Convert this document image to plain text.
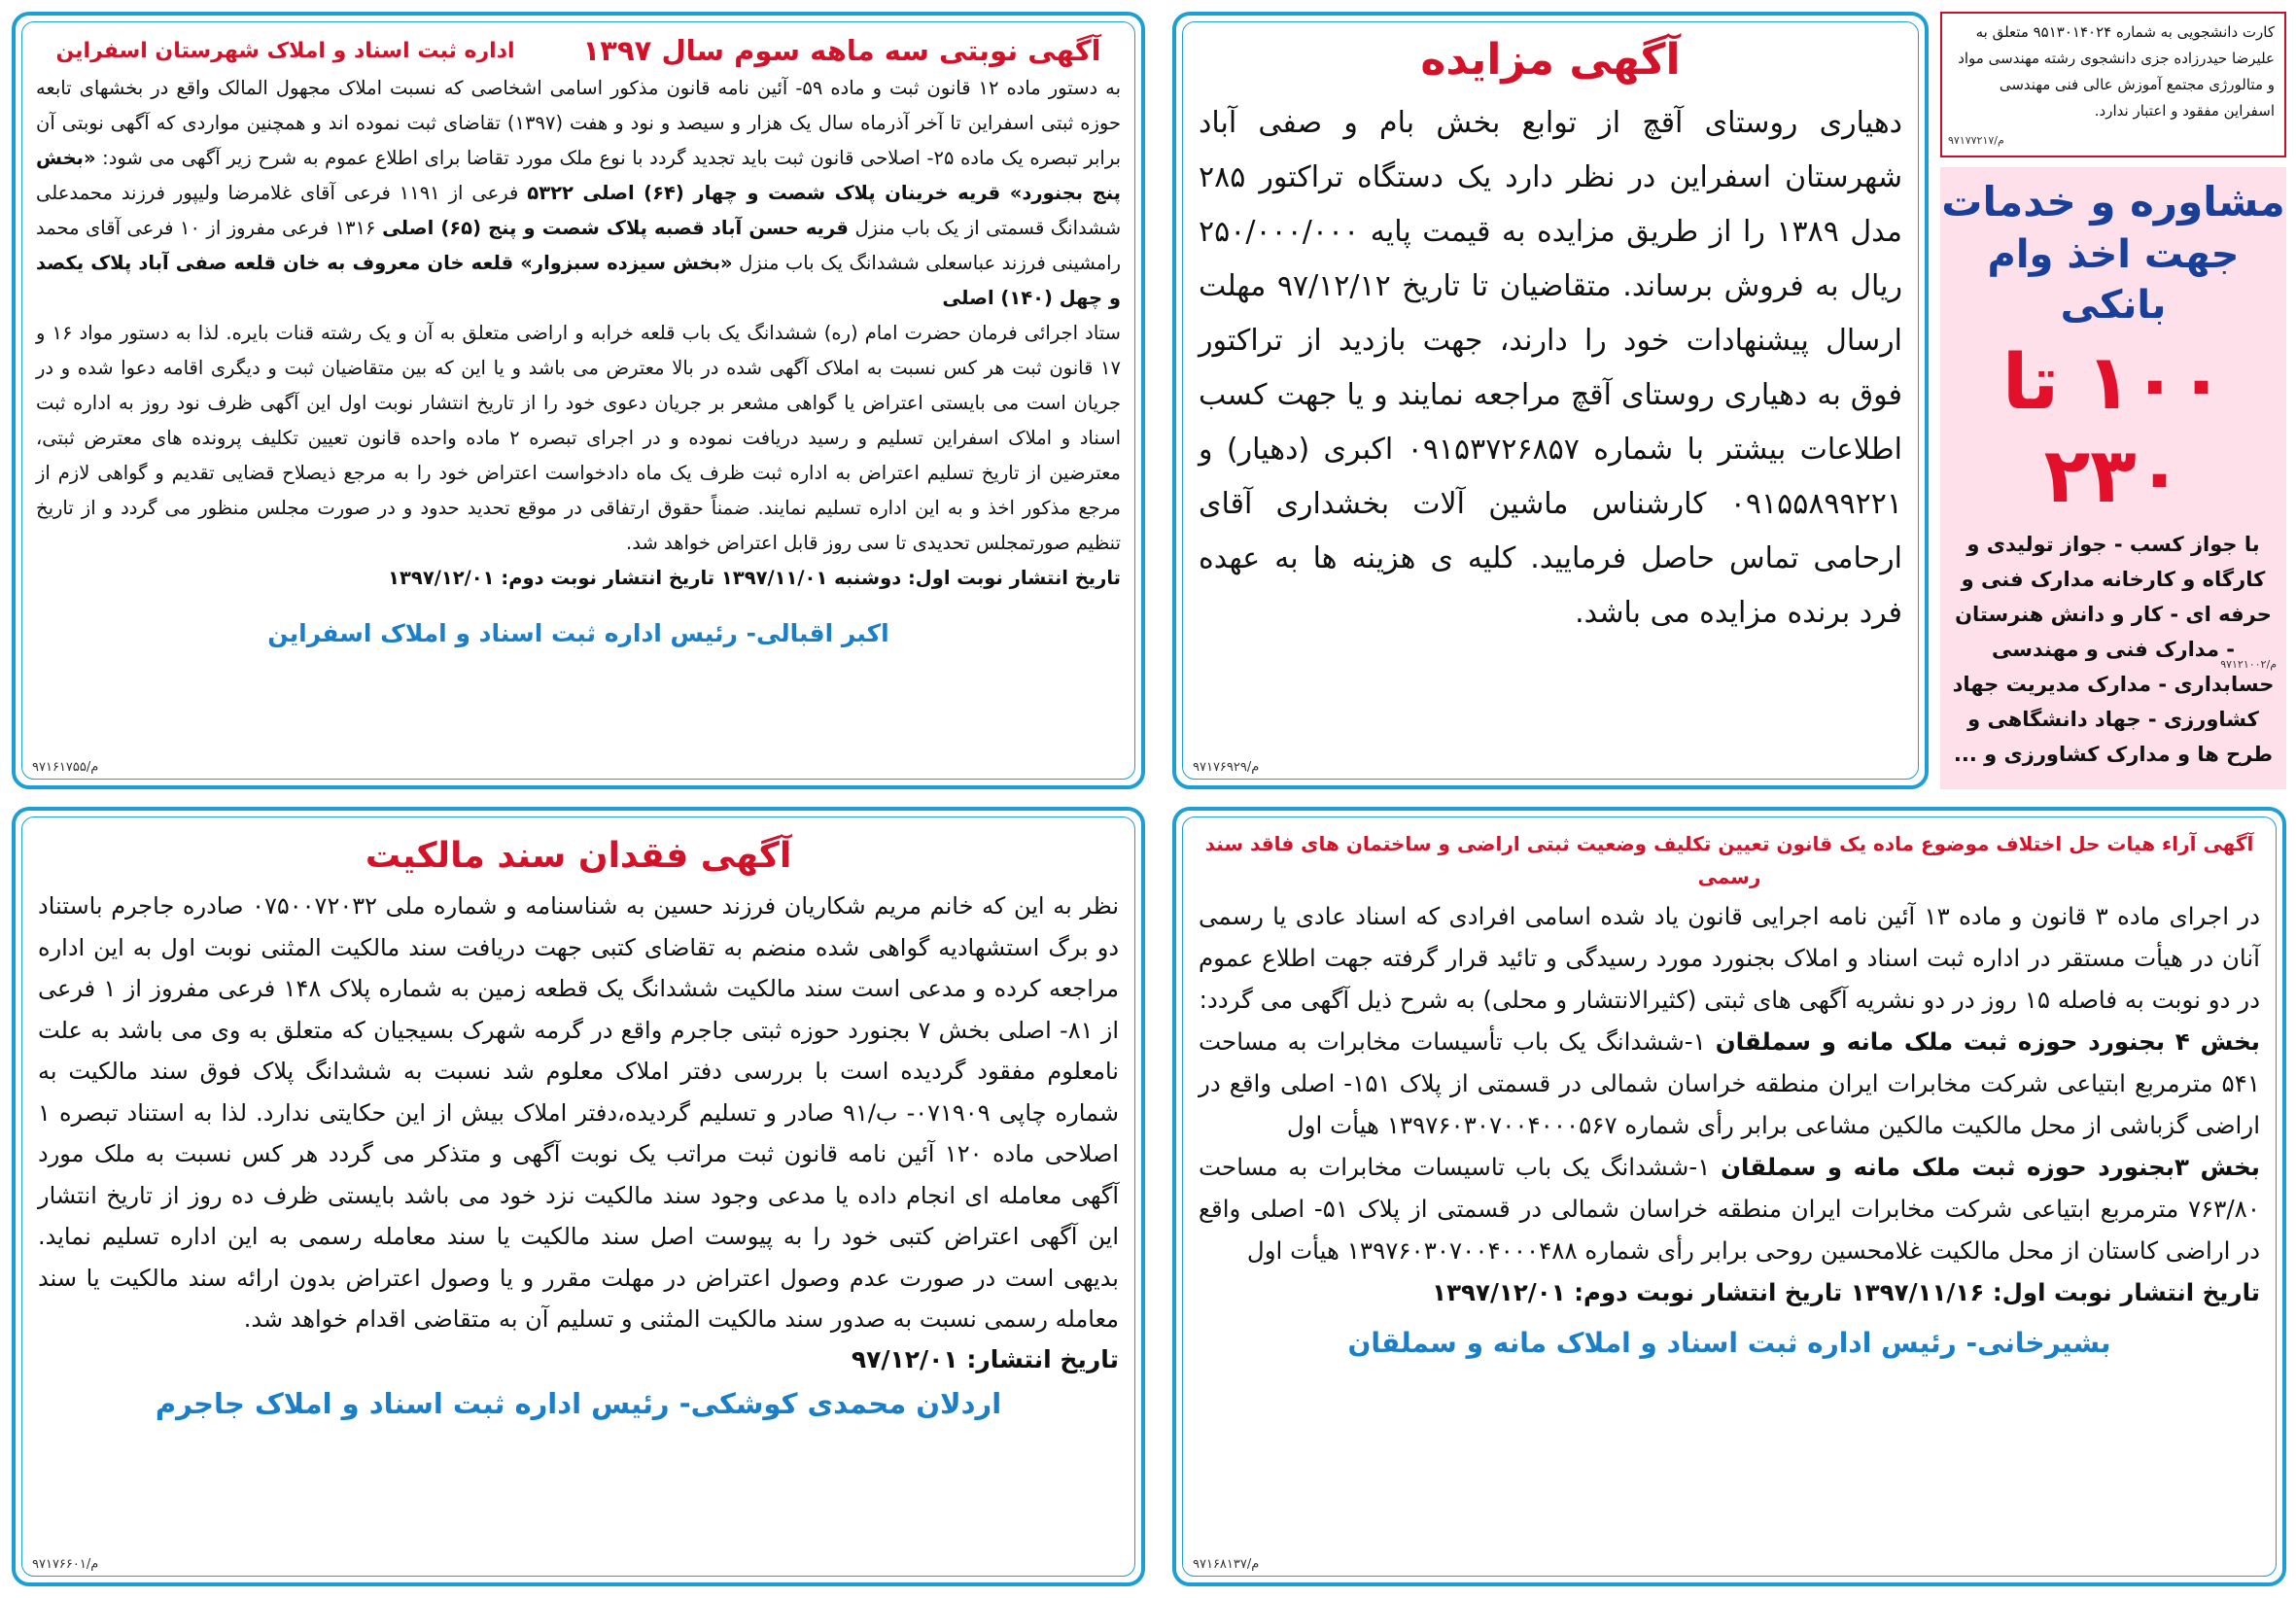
کارت دانشجویی به شماره ۹۵۱۳۰۱۴۰۲۴ متعلق به علیرضا حیدرزاده جزی دانشجوی رشته مهندسی مواد و متالورژی مجتمع آموزش عالی فنی مهندسی اسفراین مفقود و اعتبار ندارد.
۹۷۱۷۷۲۱۷/م
مشاوره و خدمات
جهت اخذ وام بانکی
۱۰۰ تا ۲۳۰
با جواز کسب - جواز تولیدی و کارگاه و کارخانه مدارک فنی و حرفه ای - کار و دانش هنرستان - مدارک فنی و مهندسی حسابداری - مدارک مدیریت جهاد کشاورزی - جهاد دانشگاهی و طرح ها و مدارک کشاورزی و ...
۹۷۱۲۱۰۰۲/م
آگهی مزایده
دهیاری روستای آقچ از توابع بخش بام و صفی آباد شهرستان اسفراین در نظر دارد یک دستگاه تراکتور ۲۸۵ مدل ۱۳۸۹ را از طریق مزایده به قیمت پایه ۲۵۰/۰۰۰/۰۰۰ ریال به فروش برساند. متقاضیان تا تاریخ ۹۷/۱۲/۱۲ مهلت ارسال پیشنهادات خود را دارند، جهت بازدید از تراکتور فوق به دهیاری روستای آقچ مراجعه نمایند و یا جهت کسب اطلاعات بیشتر با شماره ۰۹۱۵۳۷۲۶۸۵۷ اکبری (دهیار) و ۰۹۱۵۵۸۹۹۲۲۱ کارشناس ماشین آلات بخشداری آقای ارحامی تماس حاصل فرمایید. کلیه ی هزینه ها به عهده فرد برنده مزایده می باشد.
۹۷۱۷۶۹۲۹/م
آگهی نوبتی سه ماهه سوم سال ۱۳۹۷
اداره ثبت اسناد و املاک شهرستان اسفراین
به دستور ماده ۱۲ قانون ثبت و ماده ۵۹- آئین نامه قانون مذکور اسامی اشخاصی که نسبت املاک مجهول المالک واقع در بخشهای تابعه حوزه ثبتی اسفراین تا آخر آذرماه سال یک هزار و سیصد و نود و هفت (۱۳۹۷) تقاضای ثبت نموده اند و همچنین مواردی که آگهی نوبتی آن برابر تبصره یک ماده ۲۵- اصلاحی قانون ثبت باید تجدید گردد با نوع ملک مورد تقاضا برای اطلاع عموم به شرح زیر آگهی می شود: «بخش پنج بجنورد» قریه خرینان پلاک شصت و چهار (۶۴) اصلی ۵۳۲۲ فرعی از ۱۱۹۱ فرعی آقای غلامرضا ولیپور فرزند محمدعلی ششدانگ قسمتی از یک باب منزل قریه حسن آباد قصبه پلاک شصت و پنج (۶۵) اصلی ۱۳۱۶ فرعی مفروز از ۱۰ فرعی آقای محمد رامشینی فرزند عباسعلی ششدانگ یک باب منزل «بخش سیزده سبزوار» قلعه خان معروف به خان قلعه صفی آباد پلاک یکصد و چهل (۱۴۰) اصلی

ستاد اجرائی فرمان حضرت امام (ره) ششدانگ یک باب قلعه خرابه و اراضی متعلق به آن و یک رشته قنات بایره. لذا به دستور مواد ۱۶ و ۱۷ قانون ثبت هر کس نسبت به املاک آگهی شده در بالا معترض می باشد و یا این که بین متقاضیان ثبت و دیگری اقامه دعوا شده و در جریان است می بایستی اعتراض یا گواهی مشعر بر جریان دعوی خود را از تاریخ انتشار نوبت اول این آگهی ظرف نود روز به اداره ثبت اسناد و املاک اسفراین تسلیم و رسید دریافت نموده و در اجرای تبصره ۲ ماده واحده قانون تعیین تکلیف پرونده های معترض ثبتی، معترضین از تاریخ تسلیم اعتراض به اداره ثبت ظرف یک ماه دادخواست اعتراض خود را به مرجع ذیصلاح قضایی تقدیم و گواهی لازم از مرجع مذکور اخذ و به این اداره تسلیم نمایند. ضمناً حقوق ارتفاقی در موقع تحدید حدود و در صورت مجلس منظور می گردد و از تاریخ تنظیم صورتمجلس تحدیدی تا سی روز قابل اعتراض خواهد شد.

تاریخ انتشار نوبت اول: دوشنبه ۱۳۹۷/۱۱/۰۱ تاریخ انتشار نوبت دوم: ۱۳۹۷/۱۲/۰۱

اکبر اقبالی- رئیس اداره ثبت اسناد و املاک اسفراین
۹۷۱۶۱۷۵۵/م
آگهی آراء هیات حل اختلاف موضوع ماده یک قانون تعیین تکلیف وضعیت ثبتی اراضی و ساختمان های فاقد سند رسمی

در اجرای ماده ۳ قانون و ماده ۱۳ آئین نامه اجرایی قانون یاد شده اسامی افرادی که اسناد عادی یا رسمی آنان در هیأت مستقر در اداره ثبت اسناد و املاک بجنورد مورد رسیدگی و تائید قرار گرفته جهت اطلاع عموم در دو نوبت به فاصله ۱۵ روز در دو نشریه آگهی های ثبتی (کثیرالانتشار و محلی) به شرح ذیل آگهی می گردد:

بخش ۴ بجنورد حوزه ثبت ملک مانه و سملقان ۱-ششدانگ یک باب تأسیسات مخابرات به مساحت ۵۴۱ مترمربع ابتیاعی شرکت مخابرات ایران منطقه خراسان شمالی در قسمتی از پلاک ۱۵۱- اصلی واقع در اراضی گزباشی از محل مالکیت مالکین مشاعی برابر رأی شماره ۱۳۹۷۶۰۳۰۷۰۰۴۰۰۰۵۶۷ هیأت اول

بخش ۳بجنورد حوزه ثبت ملک مانه و سملقان ۱-ششدانگ یک باب تاسیسات مخابرات به مساحت ۷۶۳/۸۰ مترمربع ابتیاعی شرکت مخابرات ایران منطقه خراسان شمالی در قسمتی از پلاک ۵۱- اصلی واقع در اراضی کاستان از محل مالکیت غلامحسین روحی برابر رأی شماره ۱۳۹۷۶۰۳۰۷۰۰۴۰۰۰۴۸۸ هیأت اول

تاریخ انتشار نوبت اول: ۱۳۹۷/۱۱/۱۶ تاریخ انتشار نوبت دوم: ۱۳۹۷/۱۲/۰۱

بشیرخانی- رئیس اداره ثبت اسناد و املاک مانه و سملقان
۹۷۱۶۸۱۳۷/م
آگهی فقدان سند مالکیت
نظر به این که خانم مریم شکاریان فرزند حسین به شناسنامه و شماره ملی ۰۷۵۰۰۷۲۰۳۲ صادره جاجرم باستناد دو برگ استشهادیه گواهی شده منضم به تقاضای کتبی جهت دریافت سند مالکیت المثنی نوبت اول به این اداره مراجعه کرده و مدعی است سند مالکیت ششدانگ یک قطعه زمین به شماره پلاک ۱۴۸ فرعی مفروز از ۱ فرعی از ۸۱- اصلی بخش ۷ بجنورد حوزه ثبتی جاجرم واقع در گرمه شهرک بسیجیان که متعلق به وی می باشد به علت نامعلوم مفقود گردیده است با بررسی دفتر املاک معلوم شد نسبت به ششدانگ پلاک فوق سند مالکیت به شماره چاپی ۰۷۱۹۰۹- ب/۹۱ صادر و تسلیم گردیده،دفتر املاک بیش از این حکایتی ندارد. لذا به استناد تبصره ۱ اصلاحی ماده ۱۲۰ آئین نامه قانون ثبت مراتب یک نوبت آگهی و متذکر می گردد هر کس نسبت به ملک مورد آگهی معامله ای انجام داده یا مدعی وجود سند مالکیت نزد خود می باشد بایستی ظرف ده روز از تاریخ انتشار این آگهی اعتراض کتبی خود را به پیوست اصل سند مالکیت یا سند معامله رسمی به این اداره تسلیم نماید. بدیهی است در صورت عدم وصول اعتراض در مهلت مقرر و یا وصول اعتراض بدون ارائه سند مالکیت یا سند معامله رسمی نسبت به صدور سند مالکیت المثنی و تسلیم آن به متقاضی اقدام خواهد شد.
تاریخ انتشار: ۹۷/۱۲/۰۱
اردلان محمدی کوشکی- رئیس اداره ثبت اسناد و املاک جاجرم
۹۷۱۷۶۶۰۱/م
